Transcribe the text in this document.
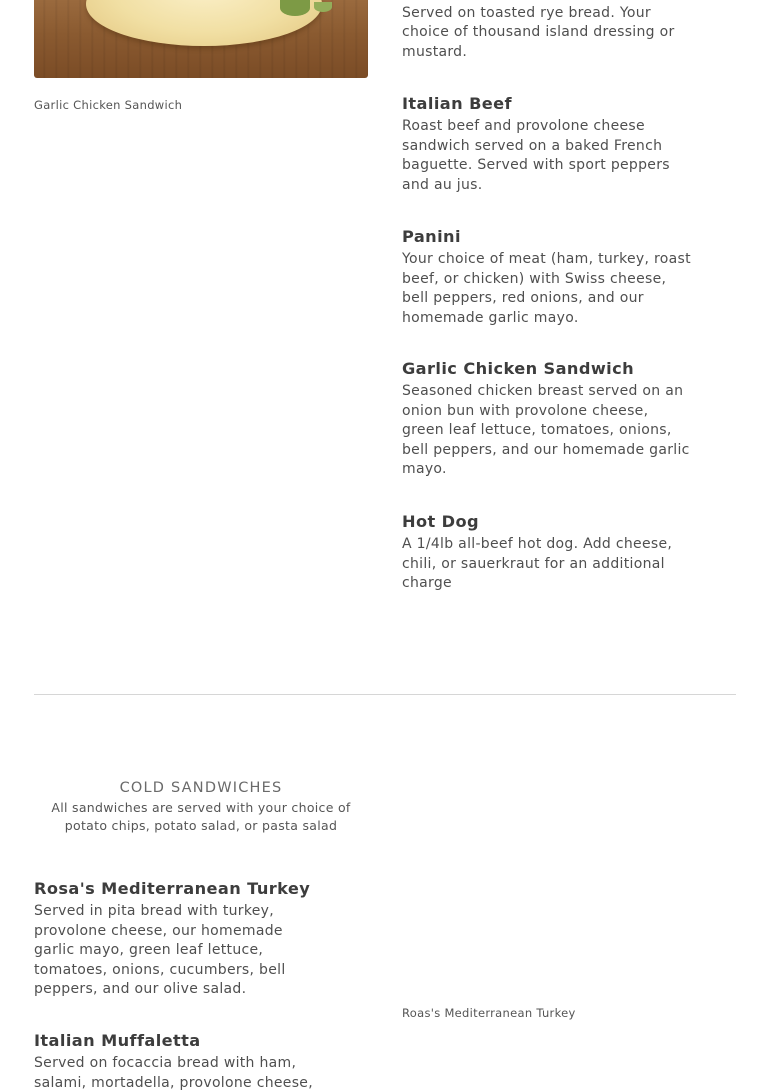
Garlic Chicken Sandwich
Served on toasted rye bread. Your choice of thousand island dressing or mustard.
Italian Beef
Roast beef and provolone cheese sandwich served on a baked French baguette. Served with sport peppers and au jus.
Panini
Your choice of meat (ham, turkey, roast beef, or chicken) with Swiss cheese, bell peppers, red onions, and our homemade garlic mayo.
Garlic Chicken Sandwich
Seasoned chicken breast served on an onion bun with provolone cheese, green leaf lettuce, tomatoes, onions, bell peppers, and our homemade garlic mayo.
Hot Dog
A 1/4lb all-beef hot dog. Add cheese, chili, or sauerkraut for an additional charge
COLD SANDWICHES
All sandwiches are served with your choice of potato chips, potato salad, or pasta salad
Rosa's Mediterranean Turkey
Served in pita bread with turkey, provolone cheese, our homemade garlic mayo, green leaf lettuce, tomatoes, onions, cucumbers, bell peppers, and our olive salad.
Italian Muffaletta
Served on focaccia bread with ham, salami, mortadella, provolone cheese,
Roas's Mediterranean Turkey
